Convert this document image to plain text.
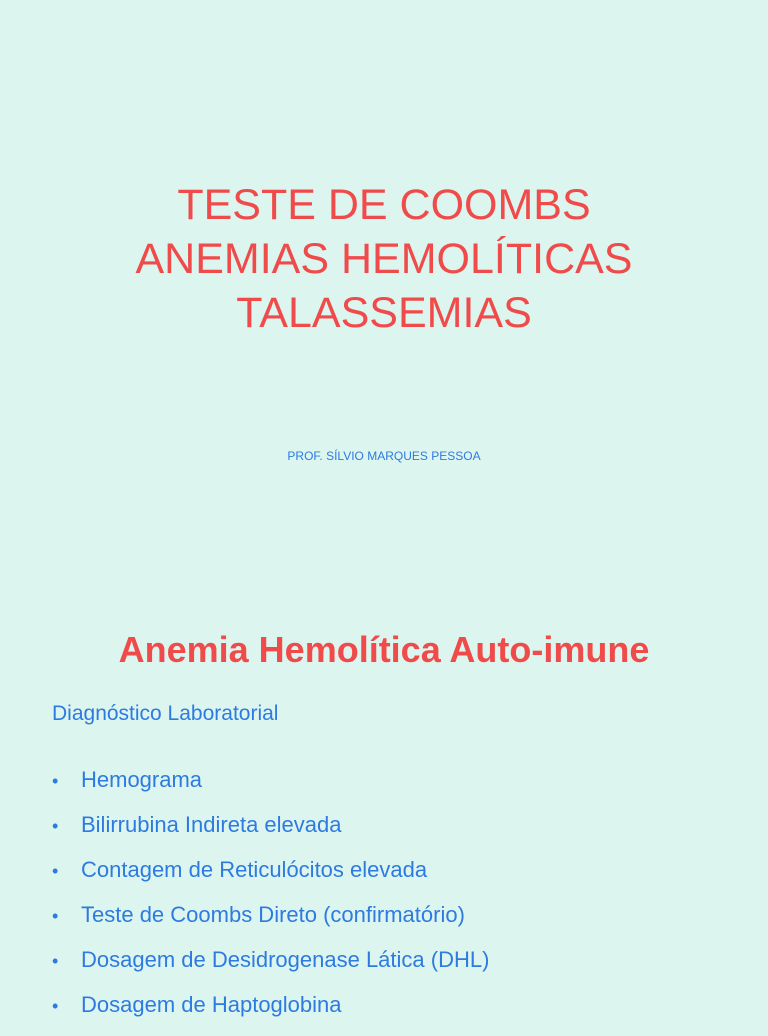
TESTE DE COOMBS
ANEMIAS HEMOLÍTICAS
TALASSEMIAS
PROF. SÍLVIO MARQUES PESSOA
Anemia Hemolítica Auto-imune
Diagnóstico Laboratorial
•	Hemograma
•	Bilirrubina Indireta elevada
•	Contagem de Reticulócitos elevada
•	Teste de Coombs Direto (confirmatório)
•	Dosagem de Desidrogenase Lática (DHL)
•	Dosagem de Haptoglobina
